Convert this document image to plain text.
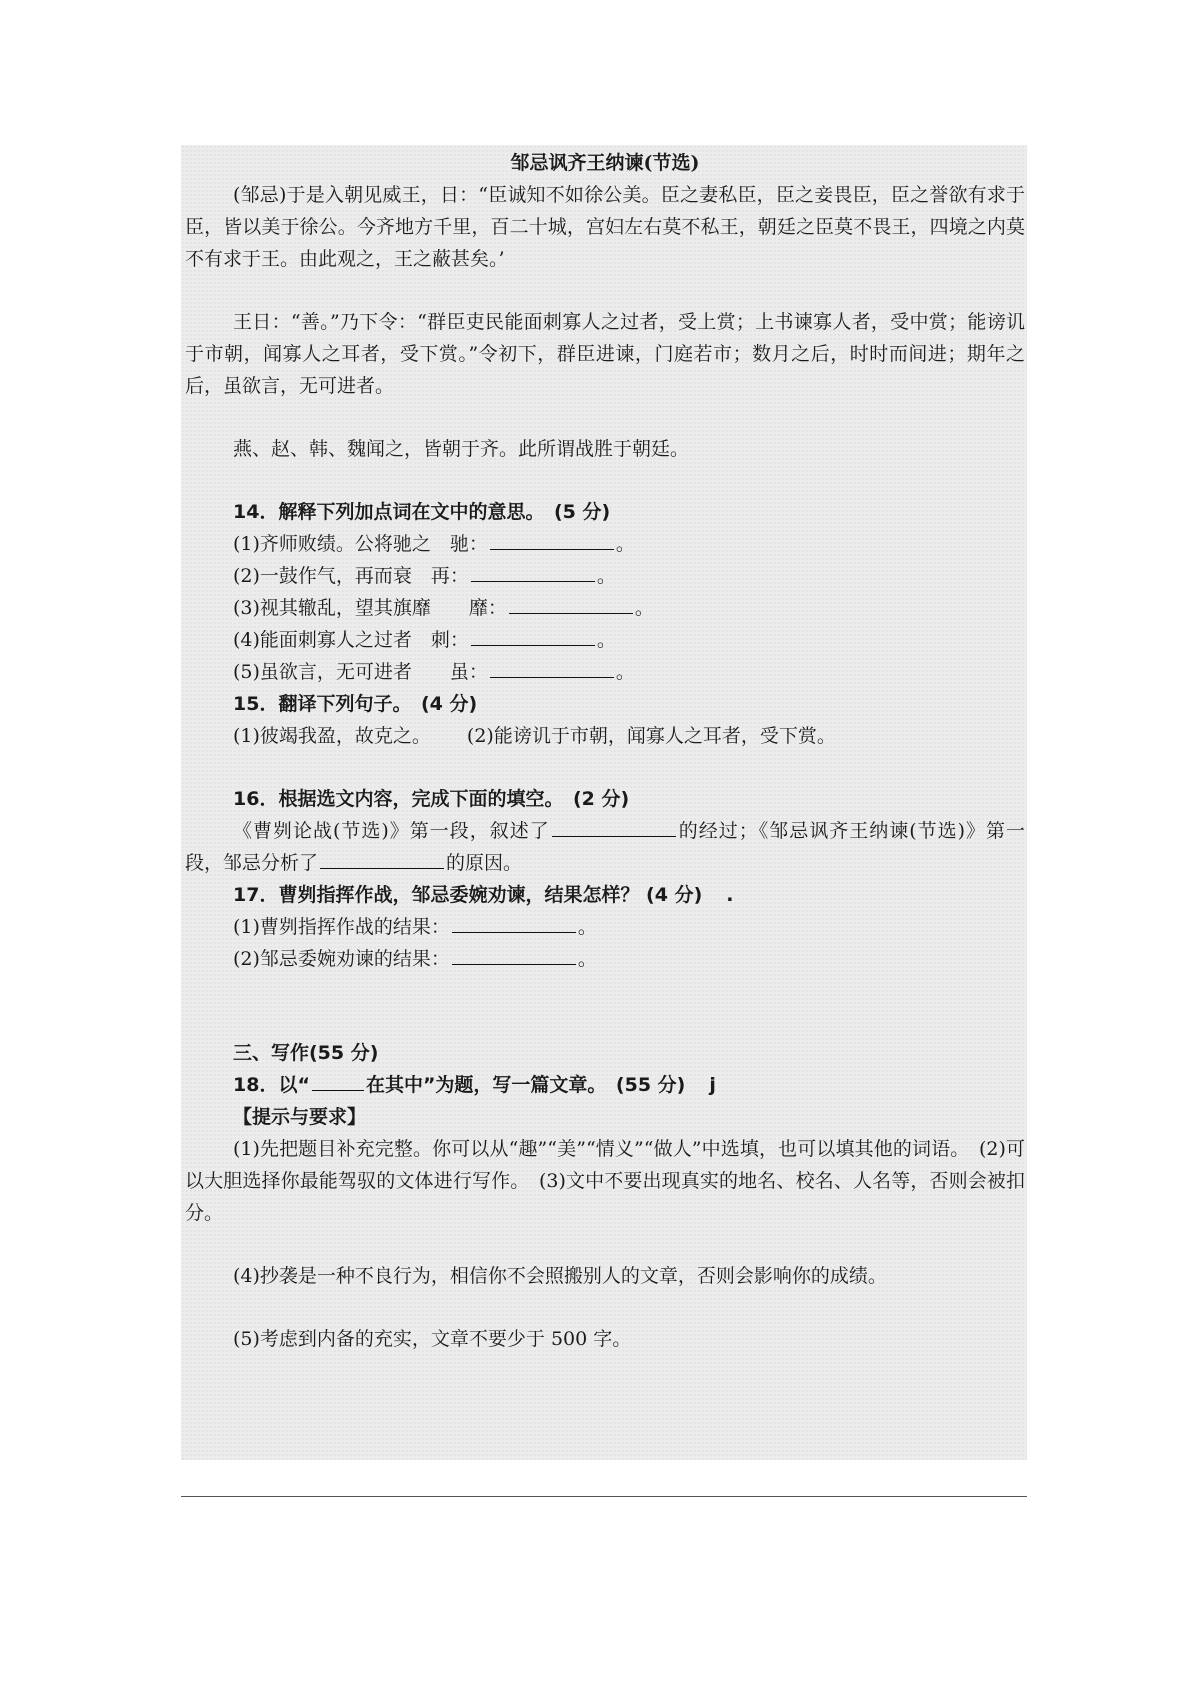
邹忌讽齐王纳谏(节选)

(邹忌)于是入朝见威王，日：“臣诚知不如徐公美。臣之妻私臣，臣之妾畏臣，臣之誉欲有求于臣，皆以美于徐公。今齐地方千里，百二十城，宫妇左右莫不私王，朝廷之臣莫不畏王，四境之内莫不有求于王。由此观之，王之蔽甚矣。’

王日：“善。”乃下令：“群臣吏民能面刺寡人之过者，受上赏；上书谏寡人者，受中赏；能谤讥于市朝，闻寡人之耳者，受下赏。”令初下，群臣进谏，门庭若市；数月之后，时时而间进；期年之后，虽欲言，无可进者。

燕、赵、韩、魏闻之，皆朝于齐。此所谓战胜于朝廷。

14．解释下列加点词在文中的意思。　(5 分)

(1)齐师败绩。公将驰之　驰：	。

(2)一鼓作气，再而衰　再：	。

(3)视其辙乱，望其旗靡　　靡：	。

(4)能面刺寡人之过者　刺：	。

(5)虽欲言，无可进者　　虽：	。

15．翻译下列句子。　(4 分)

(1)彼竭我盈，故克之。 (2)能谤讥于市朝，闻寡人之耳者，受下赏。

16．根据选文内容，完成下面的填空。　(2 分)

《曹刿论战(节选)》第一段，叙述了	的经过；《邹忌讽齐王纳谏(节选)》第一段，邹忌分析了	的原因。

17．曹刿指挥作战，邹忌委婉劝谏，结果怎样？ (4 分) .

(1)曹刿指挥作战的结果：	。

(2)邹忌委婉劝谏的结果：	。

三、写作(55 分)

18．以“	在其中”为题，写一篇文章。　(55 分) j

【提示与要求】

(1)先把题目补充完整。你可以从“趣”“美”“情义”“做人”中选填，也可以填其他的词语。　(2)可以大胆选择你最能驾驭的文体进行写作。　(3)文中不要出现真实的地名、校名、人名等，否则会被扣分。

(4)抄袭是一种不良行为，相信你不会照搬别人的文章，否则会影响你的成绩。

(5)考虑到内备的充实，文章不要少于 500 字。
